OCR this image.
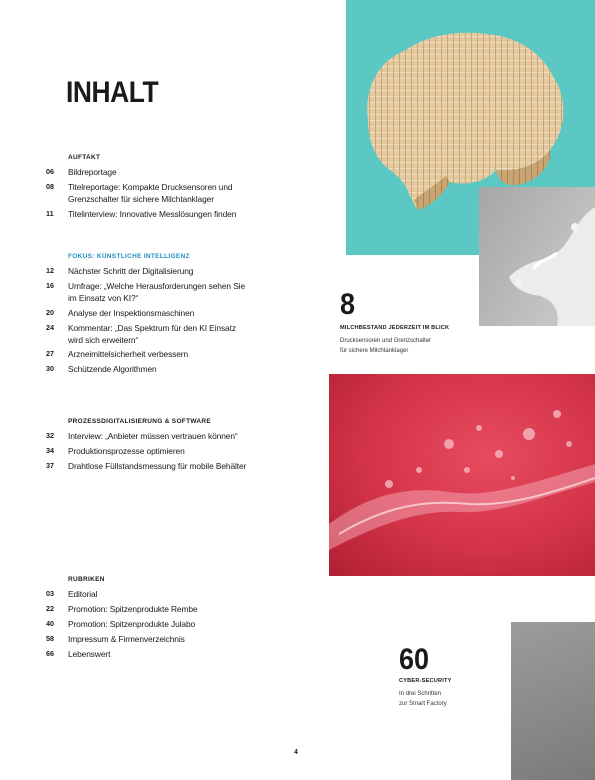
INHALT
AUFTAKT
06 Bildreportage
08 Titelreportage: Kompakte Drucksensoren und
Grenzschalter für sichere Milchtanklager
11 Titelinterview: Innovative Messlösungen finden
FOKUS: KÜNSTLICHE INTELLIGENZ
12 Nächster Schritt der Digitalisierung
16 Umfrage: „Welche Herausforderungen sehen Sie
im Einsatz von KI?“
20 Analyse der Inspektionsmaschinen
24 Kommentar: „Das Spektrum für den KI Einsatz
wird sich erweitern“
27 Arzneimittelsicherheit verbessern
30 Schützende Algorithmen
PROZESSDIGITALISIERUNG & SOFTWARE
32 Interview: „Anbieter müssen vertrauen können“
34 Produktionsprozesse optimieren
37 Drahtlose Füllstandsmessung für mobile Behälter
RUBRIKEN
03 Editorial
22 Promotion: Spitzenprodukte Rembe
40 Promotion: Spitzenprodukte Julabo
58 Impressum & Firmenverzeichnis
66 Lebenswert
8
MILCHBESTAND JEDERZEIT IM BLICK
Drucksensoren und Grenzschalter
für sichere Milchtanklager
60
CYBER-SECURITY
In drei Schritten
zur Smart Factory
4
